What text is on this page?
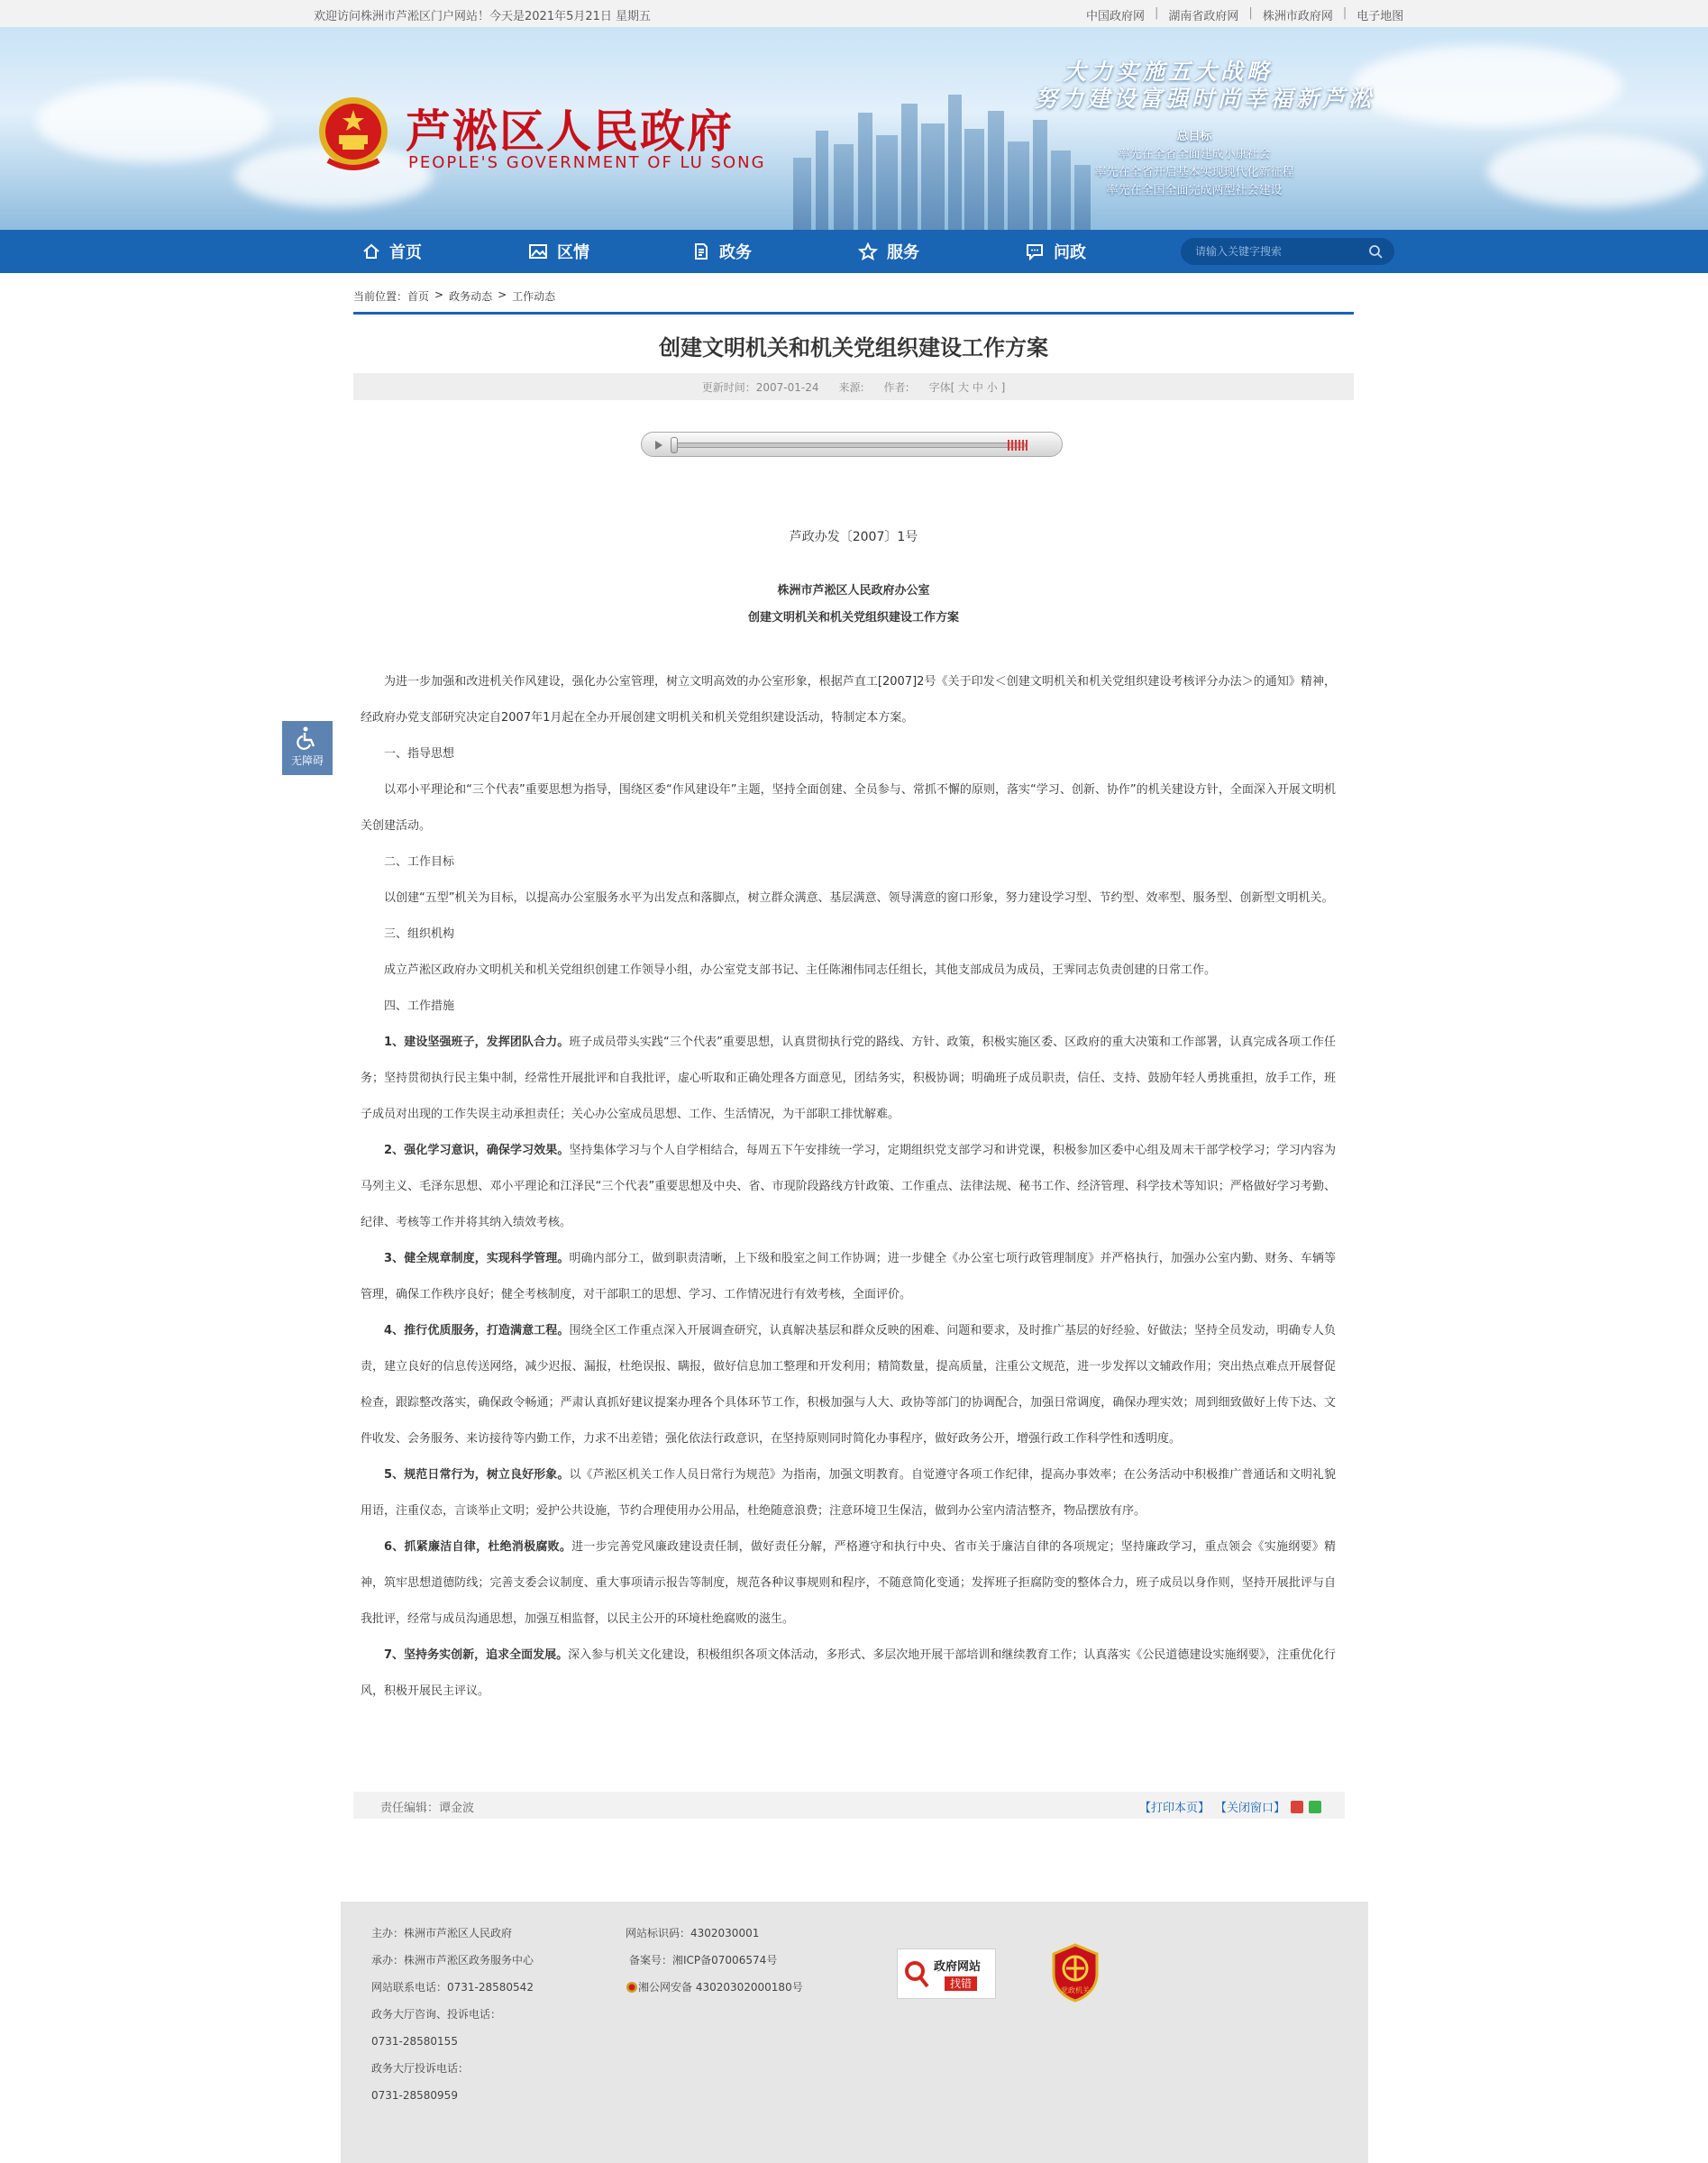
欢迎访问株洲市芦淞区门户网站！今天是2021年5月21日 星期五	中国政府网 | 湖南省政府网 | 株洲市政府网 | 电子地图
芦淞区人民政府
PEOPLE'S GOVERNMENT OF LU SONG
大力实施五大战略
努力建设富强时尚幸福新芦淞
总目标
率先在全省全面建成小康社会
率先在全省开启基本实现现代化新征程
率先在全国全面完成两型社会建设
首页	区情	政务	服务	问政
请输入关键字搜索
当前位置： 首页 > 政务动态 > 工作动态
创建文明机关和机关党组织建设工作方案
更新时间：2007-01-24 来源: 作者: 字体[ 大 中 小 ]
无障碍
芦政办发〔2007〕1号
株洲市芦淞区人民政府办公室
创建文明机关和机关党组织建设工作方案

为进一步加强和改进机关作风建设，强化办公室管理，树立文明高效的办公室形象，根据芦直工[2007]2号《关于印发＜创建文明机关和机关党组织建设考核评分办法＞的通知》精神，经政府办党支部研究决定自2007年1月起在全办开展创建文明机关和机关党组织建设活动，特制定本方案。

一、指导思想

以邓小平理论和“三个代表”重要思想为指导，围绕区委“作风建设年”主题，坚持全面创建、全员参与、常抓不懈的原则，落实“学习、创新、协作”的机关建设方针，全面深入开展文明机关创建活动。

二、工作目标

以创建“五型”机关为目标，以提高办公室服务水平为出发点和落脚点，树立群众满意、基层满意、领导满意的窗口形象，努力建设学习型、节约型、效率型、服务型、创新型文明机关。

三、组织机构

成立芦淞区政府办文明机关和机关党组织创建工作领导小组，办公室党支部书记、主任陈湘伟同志任组长，其他支部成员为成员，王霁同志负责创建的日常工作。

四、工作措施

1、建设坚强班子，发挥团队合力。班子成员带头实践“三个代表”重要思想，认真贯彻执行党的路线、方针、政策，积极实施区委、区政府的重大决策和工作部署，认真完成各项工作任务；坚持贯彻执行民主集中制，经常性开展批评和自我批评，虚心听取和正确处理各方面意见，团结务实，积极协调；明确班子成员职责，信任、支持、鼓励年轻人勇挑重担，放手工作，班子成员对出现的工作失误主动承担责任；关心办公室成员思想、工作、生活情况，为干部职工排忧解难。

2、强化学习意识，确保学习效果。坚持集体学习与个人自学相结合，每周五下午安排统一学习，定期组织党支部学习和讲党课，积极参加区委中心组及周末干部学校学习；学习内容为马列主义、毛泽东思想、邓小平理论和江泽民“三个代表”重要思想及中央、省、市现阶段路线方针政策、工作重点、法律法规、秘书工作、经济管理、科学技术等知识；严格做好学习考勤、纪律、考核等工作并将其纳入绩效考核。

3、健全规章制度，实现科学管理。明确内部分工，做到职责清晰，上下级和股室之间工作协调；进一步健全《办公室七项行政管理制度》并严格执行，加强办公室内勤、财务、车辆等管理，确保工作秩序良好；健全考核制度，对干部职工的思想、学习、工作情况进行有效考核，全面评价。

4、推行优质服务，打造满意工程。围绕全区工作重点深入开展调查研究，认真解决基层和群众反映的困难、问题和要求，及时推广基层的好经验、好做法；坚持全员发动，明确专人负责，建立良好的信息传送网络，减少迟报、漏报，杜绝误报、瞒报，做好信息加工整理和开发利用；精简数量，提高质量，注重公文规范，进一步发挥以文辅政作用；突出热点难点开展督促检查，跟踪整改落实，确保政令畅通；严肃认真抓好建议提案办理各个具体环节工作，积极加强与人大、政协等部门的协调配合，加强日常调度，确保办理实效；周到细致做好上传下达、文件收发、会务服务、来访接待等内勤工作，力求不出差错；强化依法行政意识，在坚持原则同时简化办事程序，做好政务公开，增强行政工作科学性和透明度。

5、规范日常行为，树立良好形象。以《芦淞区机关工作人员日常行为规范》为指南，加强文明教育。自觉遵守各项工作纪律，提高办事效率；在公务活动中积极推广普通话和文明礼貌用语，注重仪态，言谈举止文明；爱护公共设施，节约合理使用办公用品，杜绝随意浪费；注意环境卫生保洁，做到办公室内清洁整齐，物品摆放有序。

6、抓紧廉洁自律，杜绝消极腐败。进一步完善党风廉政建设责任制，做好责任分解，严格遵守和执行中央、省市关于廉洁自律的各项规定；坚持廉政学习，重点领会《实施纲要》精神，筑牢思想道德防线；完善支委会议制度、重大事项请示报告等制度，规范各种议事规则和程序，不随意简化变通；发挥班子拒腐防变的整体合力，班子成员以身作则，坚持开展批评与自我批评，经常与成员沟通思想，加强互相监督，以民主公开的环境杜绝腐败的滋生。

7、坚持务实创新，追求全面发展。深入参与机关文化建设，积极组织各项文体活动，多形式、多层次地开展干部培训和继续教育工作；认真落实《公民道德建设实施纲要》，注重优化行风，积极开展民主评议。

责任编辑：谭金波	【打印本页】 【关闭窗口】
主办：株洲市芦淞区人民政府
承办：株洲市芦淞区政务服务中心
网站联系电话：0731-28580542
政务大厅咨询、投诉电话：
0731-28580155
政务大厅投诉电话：
0731-28580959
网站标识码：4302030001
备案号：湘ICP备07006574号
湘公网安备 43020302000180号
政府网站
找错
党政机关
